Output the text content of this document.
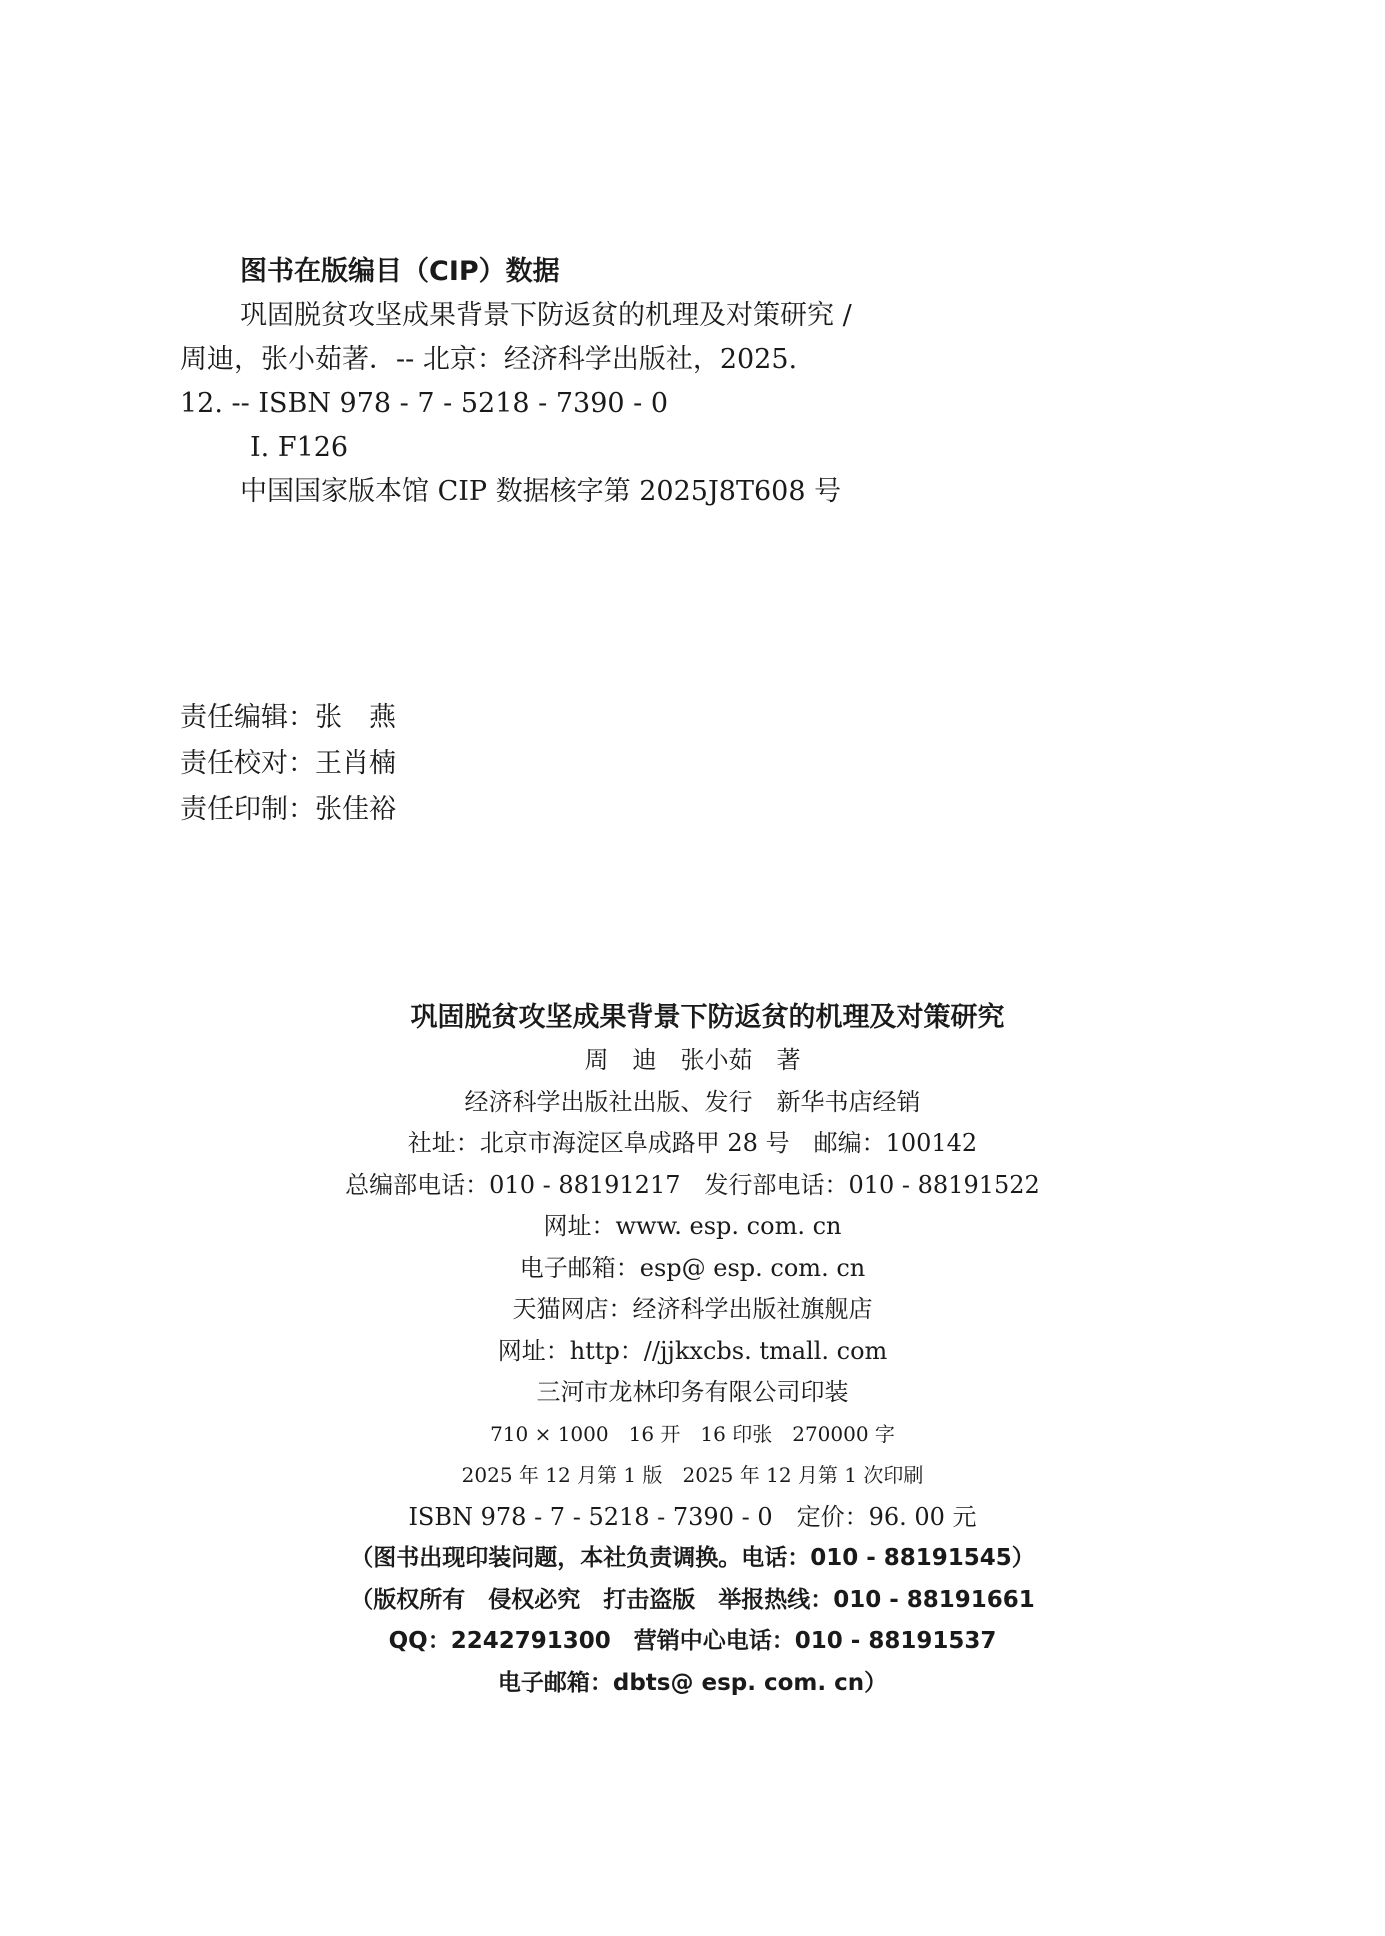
图书在版编目（CIP）数据
巩固脱贫攻坚成果背景下防返贫的机理及对策研究 /
周迪，张小茹著．-- 北京：经济科学出版社，2025.
12. -- ISBN 978 - 7 - 5218 - 7390 - 0
Ⅰ. F126
中国国家版本馆 CIP 数据核字第 2025J8T608 号
责任编辑：张　燕
责任校对：王肖楠
责任印制：张佳裕
巩固脱贫攻坚成果背景下防返贫的机理及对策研究
周　迪　张小茹　著
经济科学出版社出版、发行　新华书店经销
社址：北京市海淀区阜成路甲 28 号　邮编：100142
总编部电话：010 - 88191217　发行部电话：010 - 88191522
网址：www. esp. com. cn
电子邮箱：esp@ esp. com. cn
天猫网店：经济科学出版社旗舰店
网址：http：//jjkxcbs. tmall. com
三河市龙林印务有限公司印装
710 × 1000　16 开　16 印张　270000 字
2025 年 12 月第 1 版　2025 年 12 月第 1 次印刷
ISBN 978 - 7 - 5218 - 7390 - 0　定价：96. 00 元
（图书出现印装问题，本社负责调换。电话：010 - 88191545）
（版权所有　侵权必究　打击盗版　举报热线：010 - 88191661
QQ：2242791300　营销中心电话：010 - 88191537
电子邮箱：dbts@ esp. com. cn）
